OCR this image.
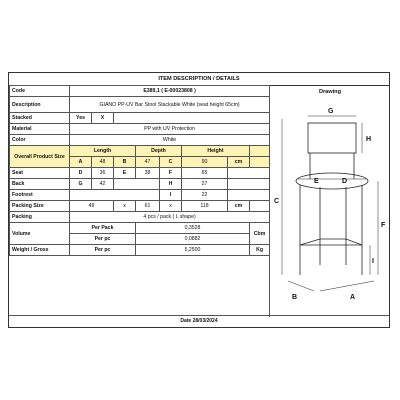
ITEM DESCRIPTION / DETAILS
Code	E389,1 ( E-00023808 )							
Description	GIANO PP-UV Bar Stool Stackable White (seat height 65cm)							
Stacked	Yes	X						
Material	PP with UV Protection							
Color	White							
Overall Product Size	Length			Depth		Height		
	A	48	B	47	C	90	cm	
Seat	D	36	E	38	F	65		
Back	G	42			H	27		
Footrest					I	22		
Packing Size	49		x	61	x	118	cm	
Packing	4 pcs / pack ( L shape)							
Volume	Per Pack			0,3528				Cbm
	Per pc			0,0882				
Weight / Gross	Per pc			5,2500				Kg
Drawing
G
H
E	D
C
F
I
B	A
Date 28/03/2024
